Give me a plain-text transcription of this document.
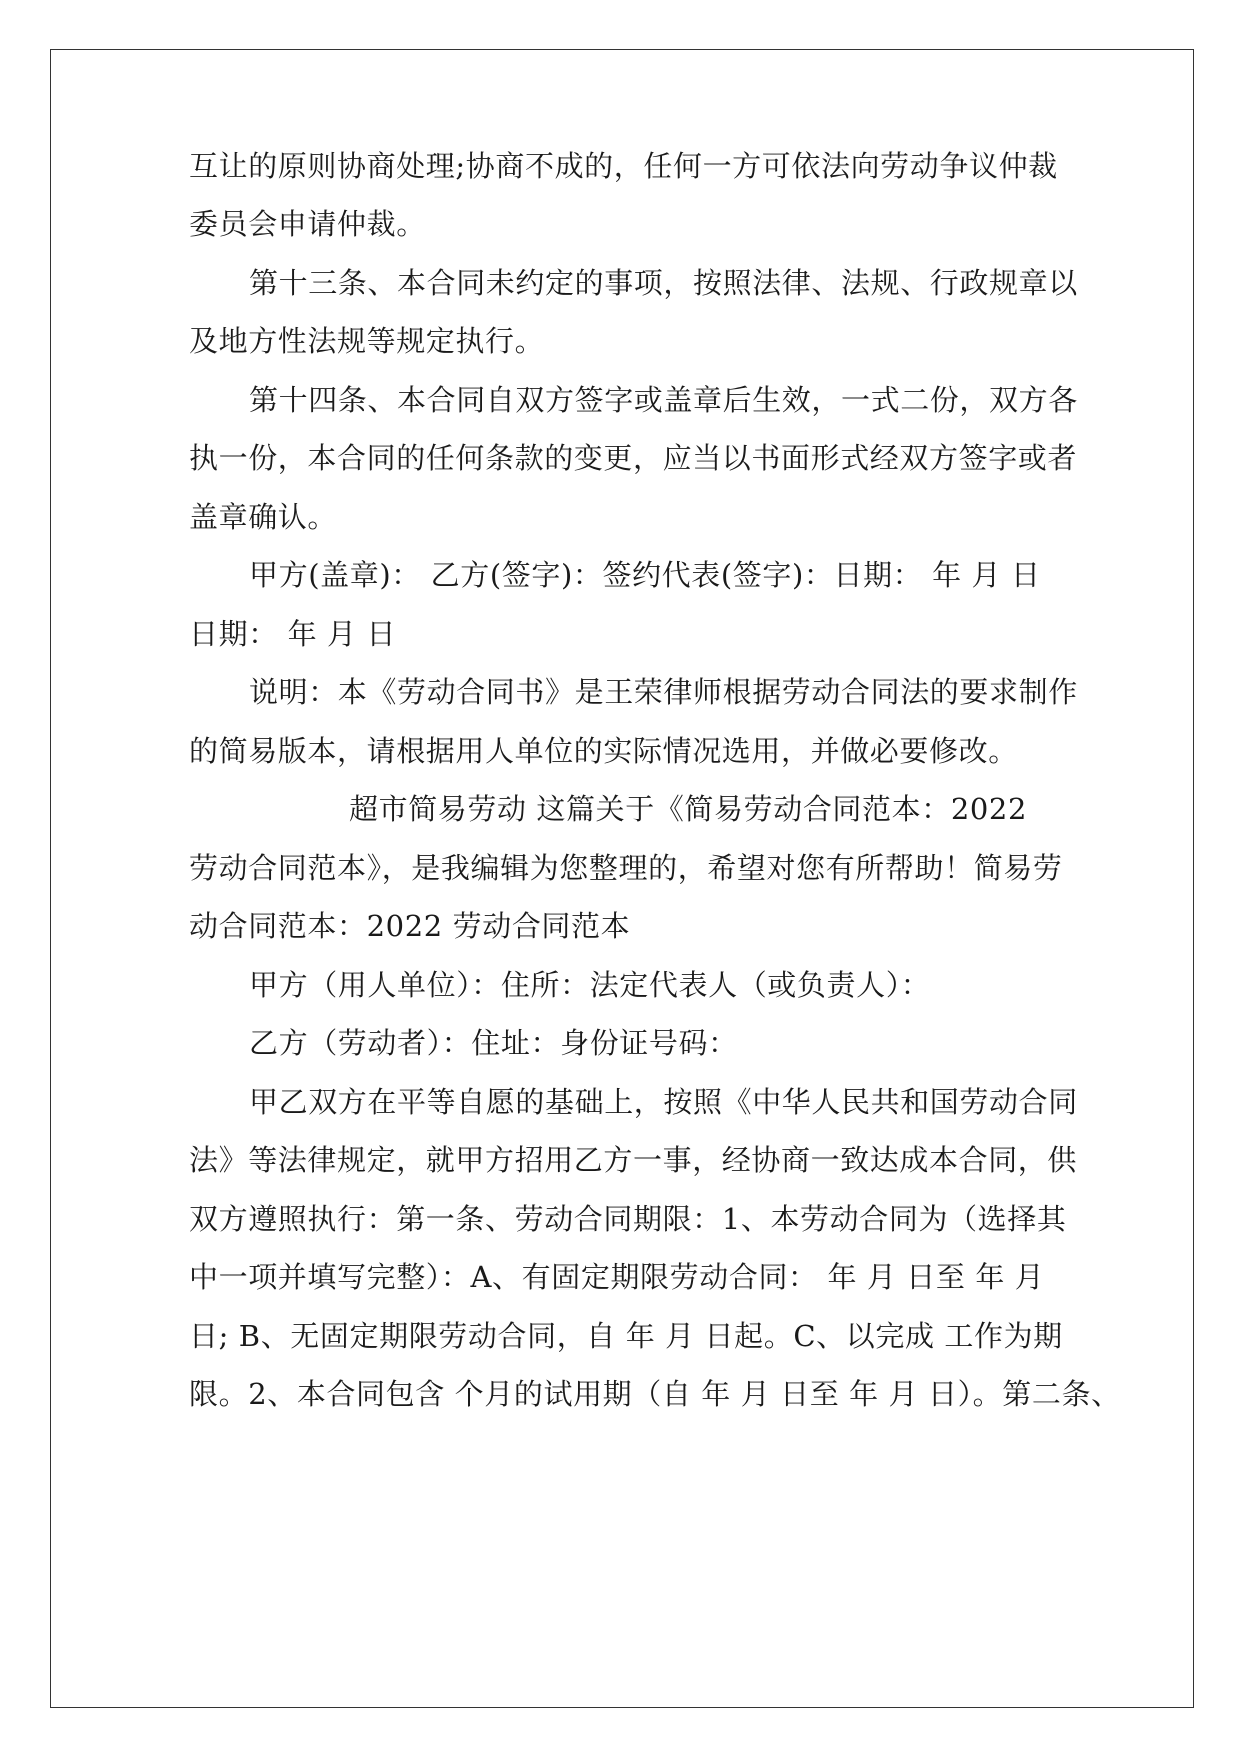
互让的原则协商处理;协商不成的，任何一方可依法向劳动争议仲裁
委员会申请仲裁。
第十三条、本合同未约定的事项，按照法律、法规、行政规章以
及地方性法规等规定执行。
第十四条、本合同自双方签字或盖章后生效，一式二份，双方各
执一份，本合同的任何条款的变更，应当以书面形式经双方签字或者
盖章确认。
甲方(盖章)： 乙方(签字)：签约代表(签字)：日期： 年 月 日
日期： 年 月 日
说明：本《劳动合同书》是王荣律师根据劳动合同法的要求制作
的简易版本，请根据用人单位的实际情况选用，并做必要修改。
超市简易劳动 这篇关于《简易劳动合同范本：2022
劳动合同范本》，是我编辑为您整理的，希望对您有所帮助！简易劳
动合同范本：2022 劳动合同范本
甲方（用人单位）：住所：法定代表人（或负责人）：
乙方（劳动者）：住址：身份证号码：
甲乙双方在平等自愿的基础上，按照《中华人民共和国劳动合同
法》等法律规定，就甲方招用乙方一事，经协商一致达成本合同，供
双方遵照执行：第一条、劳动合同期限：1、本劳动合同为（选择其
中一项并填写完整）：A、有固定期限劳动合同： 年 月 日至 年 月
日; B、无固定期限劳动合同，自 年 月 日起。C、以完成 工作为期
限。2、本合同包含 个月的试用期（自 年 月 日至 年 月 日）。第二条、
